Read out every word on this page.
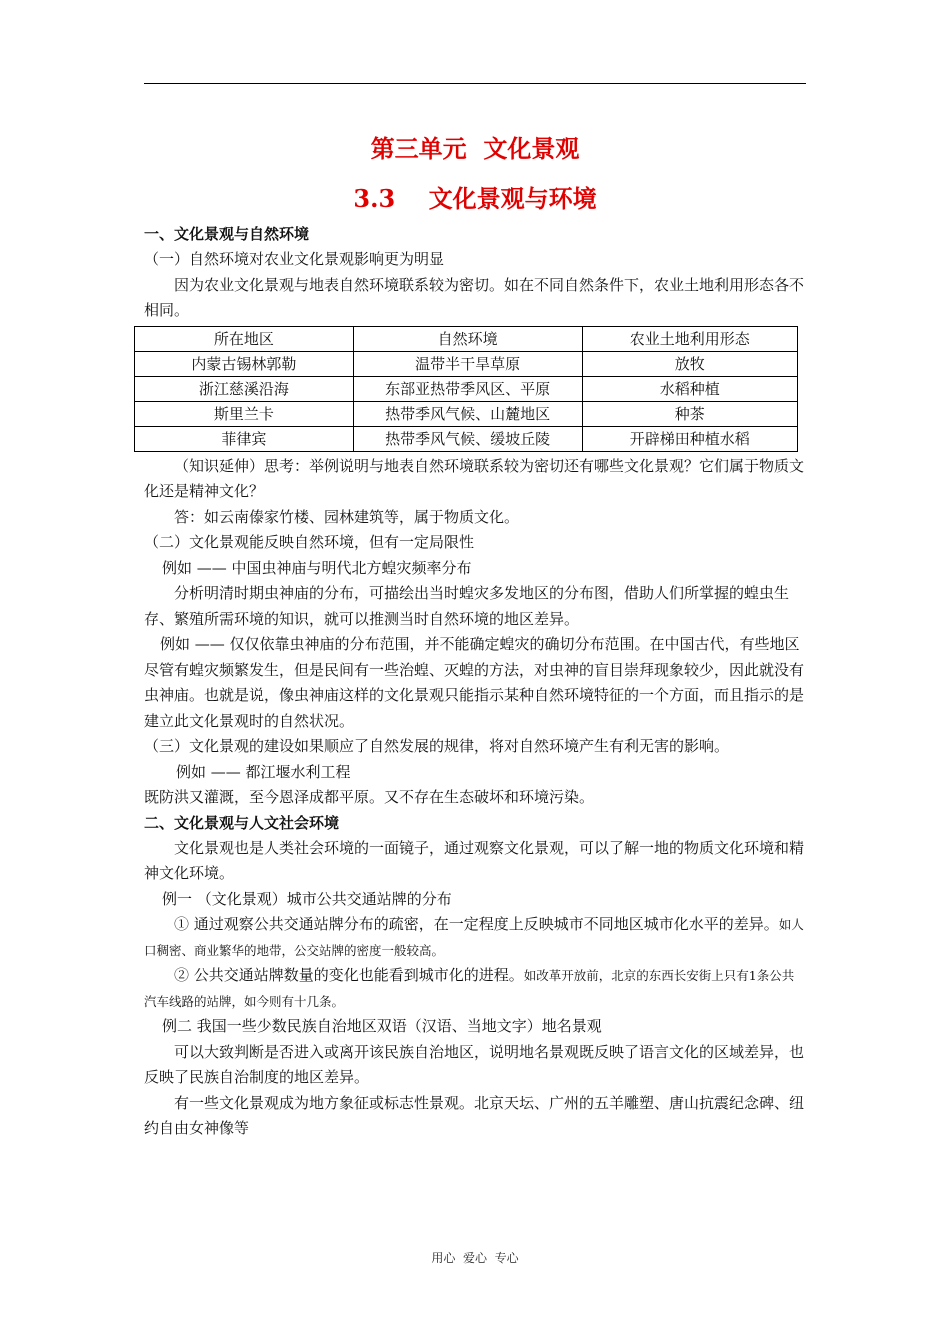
第三单元  文化景观
3.3    文化景观与环境

一、文化景观与自然环境

（一）自然环境对农业文化景观影响更为明显

因为农业文化景观与地表自然环境联系较为密切。如在不同自然条件下，农业土地利用形态各不相同。

所在地区	自然环境	农业土地利用形态
内蒙古锡林郭勒	温带半干旱草原	放牧
浙江慈溪沿海	东部亚热带季风区、平原	水稻种植
斯里兰卡	热带季风气候、山麓地区	种茶
菲律宾	热带季风气候、缓坡丘陵	开辟梯田种植水稻

（知识延伸）思考：举例说明与地表自然环境联系较为密切还有哪些文化景观？它们属于物质文化还是精神文化？

答：如云南傣家竹楼、园林建筑等，属于物质文化。

（二）文化景观能反映自然环境，但有一定局限性

例如 —— 中国虫神庙与明代北方蝗灾频率分布

分析明清时期虫神庙的分布，可描绘出当时蝗灾多发地区的分布图，借助人们所掌握的蝗虫生存、繁殖所需环境的知识，就可以推测当时自然环境的地区差异。

例如 —— 仅仅依靠虫神庙的分布范围，并不能确定蝗灾的确切分布范围。在中国古代，有些地区尽管有蝗灾频繁发生，但是民间有一些治蝗、灭蝗的方法，对虫神的盲目崇拜现象较少，因此就没有虫神庙。也就是说，像虫神庙这样的文化景观只能指示某种自然环境特征的一个方面，而且指示的是建立此文化景观时的自然状况。

（三）文化景观的建设如果顺应了自然发展的规律，将对自然环境产生有利无害的影响。

例如 —— 都江堰水利工程

既防洪又灌溉，至今恩泽成都平原。又不存在生态破坏和环境污染。

二、文化景观与人文社会环境

文化景观也是人类社会环境的一面镜子，通过观察文化景观，可以了解一地的物质文化环境和精神文化环境。

例一 （文化景观）城市公共交通站牌的分布

① 通过观察公共交通站牌分布的疏密，在一定程度上反映城市不同地区城市化水平的差异。如人口稠密、商业繁华的地带，公交站牌的密度一般较高。

② 公共交通站牌数量的变化也能看到城市化的进程。如改革开放前，北京的东西长安街上只有1条公共汽车线路的站牌，如今则有十几条。

例二 我国一些少数民族自治地区双语（汉语、当地文字）地名景观

可以大致判断是否进入或离开该民族自治地区，说明地名景观既反映了语言文化的区域差异，也反映了民族自治制度的地区差异。

有一些文化景观成为地方象征或标志性景观。北京天坛、广州的五羊雕塑、唐山抗震纪念碑、纽约自由女神像等

用心  爱心  专心
